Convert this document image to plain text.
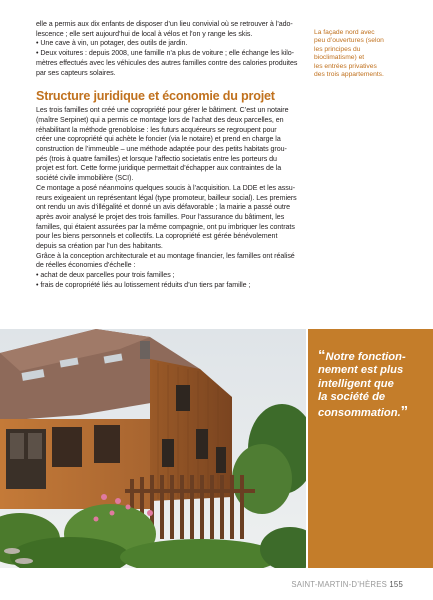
elle a permis aux dix enfants de disposer d’un lieu convivial où se retrouver à l’ado-

lescence ; elle sert aujourd’hui de local à vélos et l’on y range les skis.

• Une cave à vin, un potager, des outils de jardin.

• Deux voitures : depuis 2008, une famille n’a plus de voiture ; elle échange les kilo-

mètres effectués avec les véhicules des autres familles contre des calories produites

par ses capteurs solaires.

Structure juridique et économie du projet

Les trois familles ont créé une copropriété pour gérer le bâtiment. C’est un notaire

(maître Serpinet) qui a permis ce montage lors de l’achat des deux parcelles, en

réhabilitant la méthode grenobloise : les futurs acquéreurs se regroupent pour

créer une copropriété qui achète le foncier (via le notaire) et prend en charge la

construction de l’immeuble – une méthode adaptée pour des petits habitats grou-

pés (trois à quatre familles) et lorsque l’affectio societatis entre les porteurs du

projet est fort. Cette forme juridique permettait d’échapper aux contraintes de la

société civile immobilière (SCI).

Ce montage a posé néanmoins quelques soucis à l’acquisition. La DDE et les assu-

reurs exigeaient un représentant légal (type promoteur, bailleur social). Les premiers

ont rendu un avis d’illégalité et donné un avis défavorable ; la mairie a passé outre

après avoir analysé le projet des trois familles. Pour l’assurance du bâtiment, les

familles, qui étaient assurées par la même compagnie, ont pu imbriquer les contrats

pour les biens personnels et collectifs. La copropriété est gérée bénévolement

depuis sa création par l’un des habitants.

Grâce à la conception architecturale et au montage financier, les familles ont réalisé

de réelles économies d’échelle :

• achat de deux parcelles pour trois familles ;

• frais de copropriété liés au lotissement réduits d’un tiers par famille ;

La façade nord avec
peu d’ouvertures (selon
les principes du
bioclimatisme) et
les entrées privatives
des trois appartements.
“Notre fonction-
nement est plus
intelligent que
la société de
consommation.”
SAINT-MARTIN-D’HÈRES 155
